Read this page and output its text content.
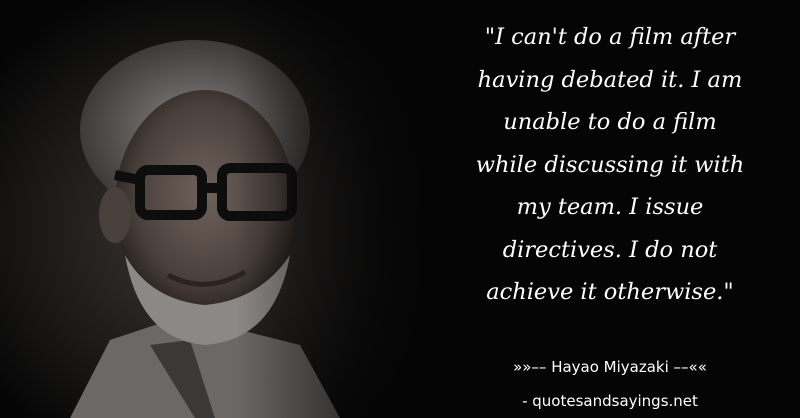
"I can't do a film after
having debated it. I am
unable to do a film
while discussing it with
my team. I issue
directives. I do not
achieve it otherwise."
»»–– Hayao Miyazaki ––««
- quotesandsayings.net
